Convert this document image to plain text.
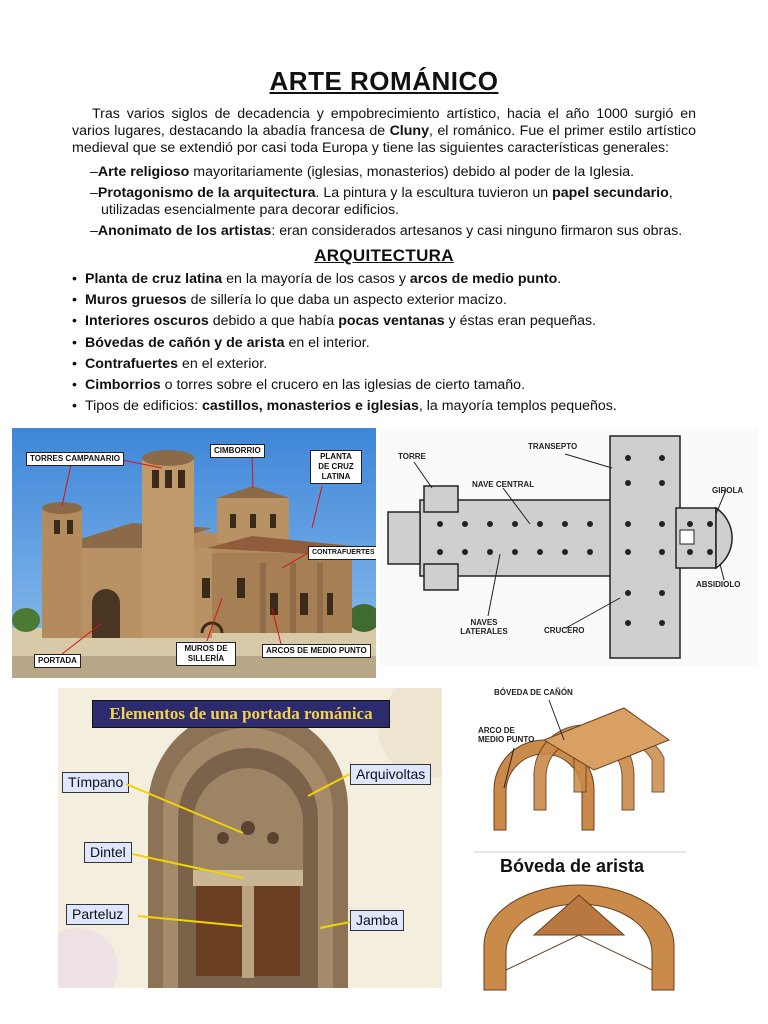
ARTE ROMÁNICO
Tras varios siglos de decadencia y empobrecimiento artístico, hacia el año 1000 surgió en varios lugares, destacando la abadía francesa de Cluny, el románico. Fue el primer estilo artístico medieval que se extendió por casi toda Europa y tiene las siguientes características generales:
–Arte religioso mayoritariamente (iglesias, monasterios) debido al poder de la Iglesia.
–Protagonismo de la arquitectura. La pintura y la escultura tuvieron un papel secundario, utilizadas esencialmente para decorar edificios.
–Anonimato de los artistas: eran considerados artesanos y casi ninguno firmaron sus obras.
ARQUITECTURA
• Planta de cruz latina en la mayoría de los casos y arcos de medio punto.
• Muros gruesos de sillería lo que daba un aspecto exterior macizo.
• Interiores oscuros debido a que había pocas ventanas y éstas eran pequeñas.
• Bóvedas de cañón y de arista en el interior.
• Contrafuertes en el exterior.
• Cimborrios o torres sobre el crucero en las iglesias de cierto tamaño.
• Tipos de edificios: castillos, monasterios e iglesias, la mayoría templos pequeños.
TORRES CAMPANARIO
CIMBORRIO
PLANTA DE CRUZ LATINA
CONTRAFUERTES
MUROS DE SILLERÍA
ARCOS DE MEDIO PUNTO
PORTADA
TORRE
TRANSEPTO
NAVE CENTRAL
GIROLA
NAVES LATERALES	CRUCERO
ABSIDIOLO
Elementos de una portada románica
Tímpano	Arquivoltas
Dintel
Parteluz	Jamba
BÓVEDA DE CAÑÓN
ARCO DE MEDIO PUNTO
Bóveda de arista
